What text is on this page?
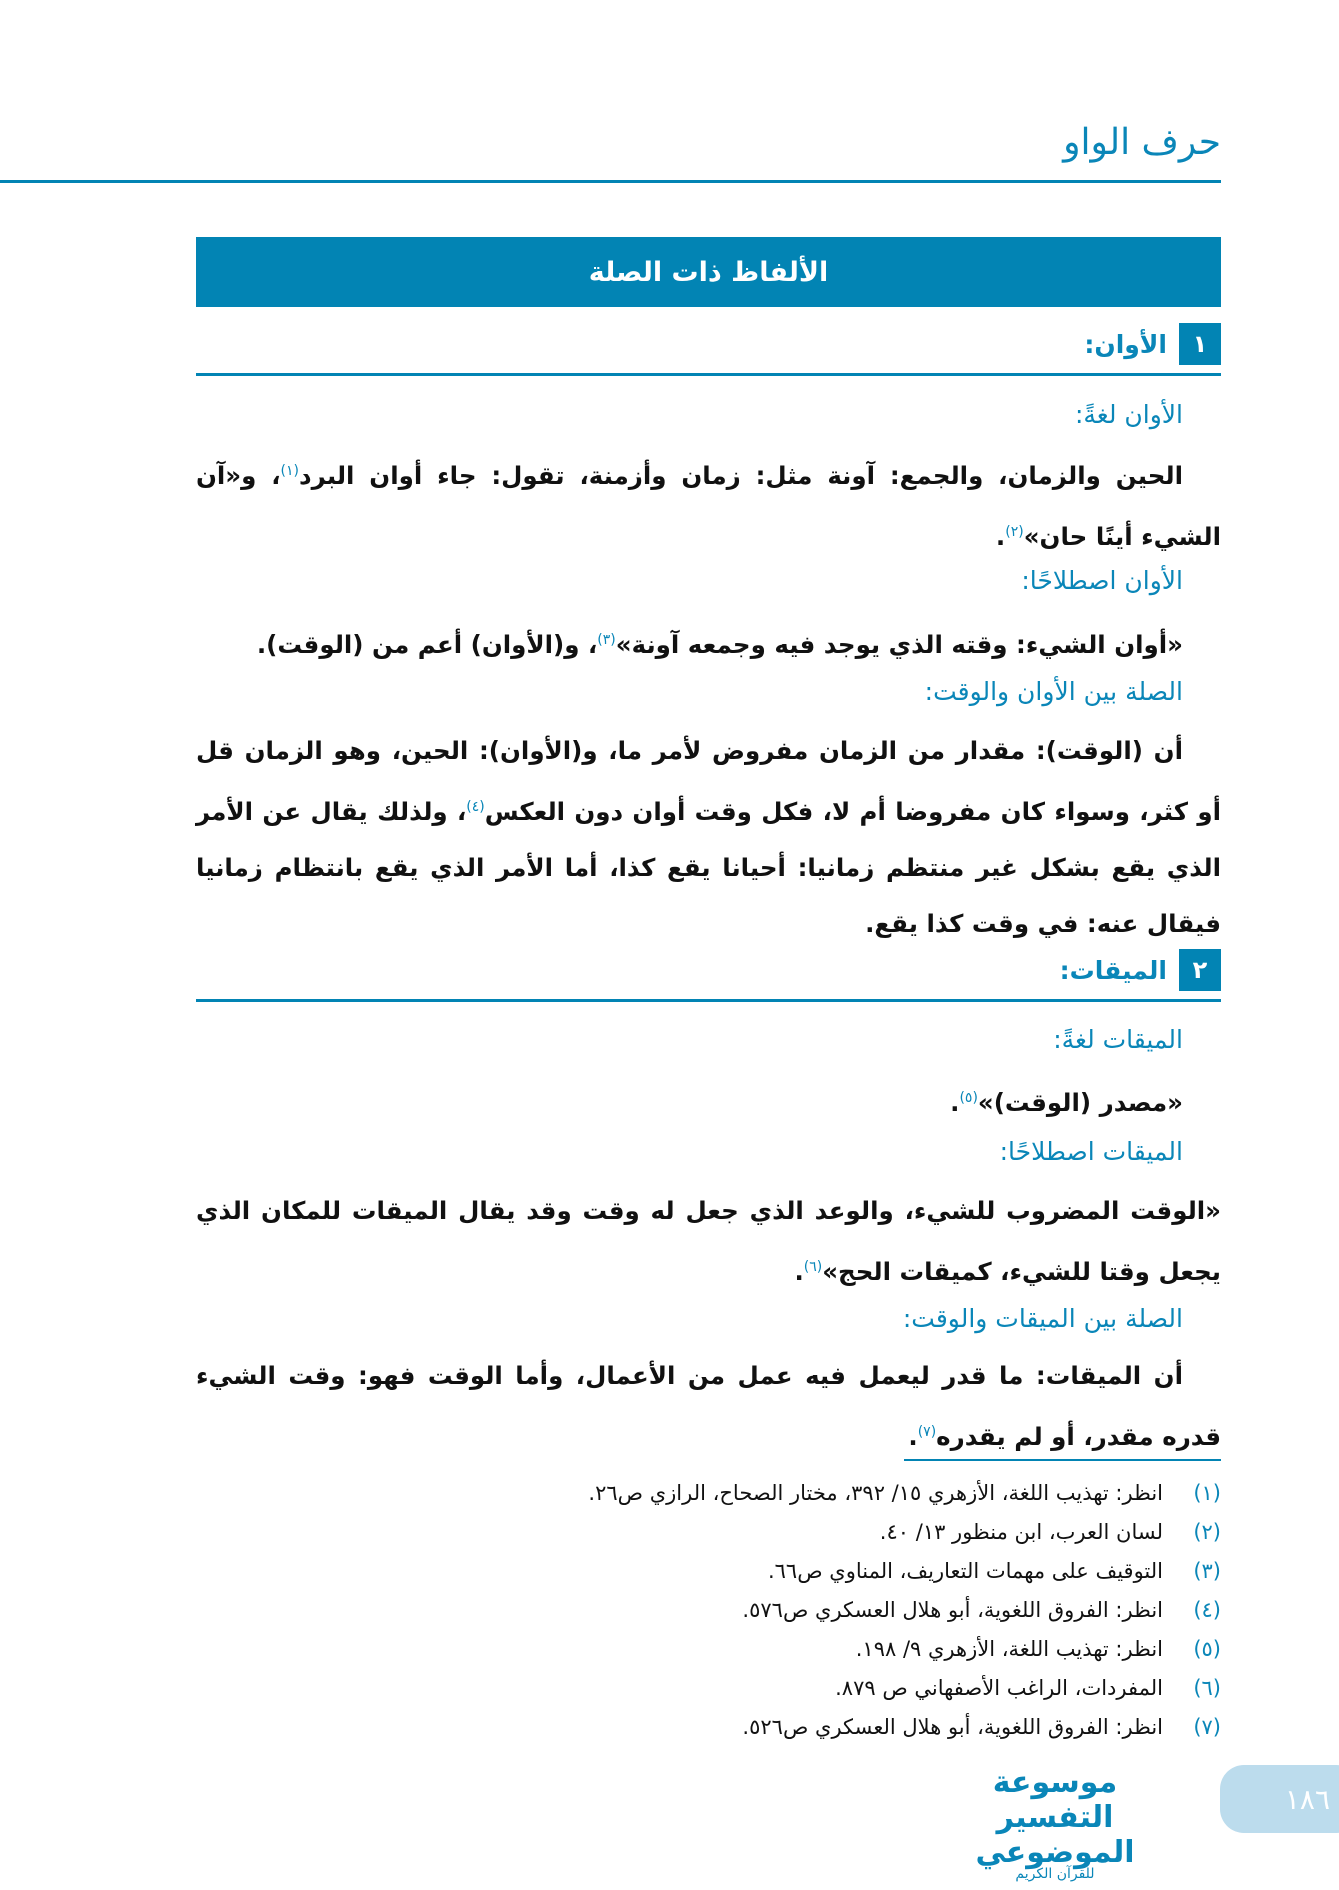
حرف الواو
الألفاظ ذات الصلة
١
الأوان:
الأوان لغةً:
الحين والزمان، والجمع: آونة مثل: زمان وأزمنة، تقول: جاء أوان البرد$^{(١)}$، و«آن الشيء أينًا حان»$^{(٢)}$.
الأوان اصطلاحًا:
«أوان الشيء: وقته الذي يوجد فيه وجمعه آونة»$^{(٣)}$، و(الأوان) أعم من (الوقت).
الصلة بين الأوان والوقت:
أن (الوقت): مقدار من الزمان مفروض لأمر ما، و(الأوان): الحين، وهو الزمان قل أو كثر، وسواء كان مفروضا أم لا، فكل وقت أوان دون العكس$^{(٤)}$، ولذلك يقال عن الأمر الذي يقع بشكل غير منتظم زمانيا: أحيانا يقع كذا، أما الأمر الذي يقع بانتظام زمانيا فيقال عنه: في وقت كذا يقع.
٢
الميقات:
الميقات لغةً:
«مصدر (الوقت)»$^{(٥)}$.
الميقات اصطلاحًا:
«الوقت المضروب للشيء، والوعد الذي جعل له وقت وقد يقال الميقات للمكان الذي يجعل وقتا للشيء، كميقات الحج»$^{(٦)}$.
الصلة بين الميقات والوقت:
أن الميقات: ما قدر ليعمل فيه عمل من الأعمال، وأما الوقت فهو: وقت الشيء قدره مقدر، أو لم يقدره$^{(٧)}$.
(١)
انظر: تهذيب اللغة، الأزهري ١٥/ ٣٩٢، مختار الصحاح، الرازي ص٢٦.
(٢)
لسان العرب، ابن منظور ١٣/ ٤٠.
(٣)
التوقيف على مهمات التعاريف، المناوي ص٦٦.
(٤)
انظر: الفروق اللغوية، أبو هلال العسكري ص٥٧٦.
(٥)
انظر: تهذيب اللغة، الأزهري ٩/ ١٩٨.
(٦)
المفردات، الراغب الأصفهاني ص ٨٧٩.
(٧)
انظر: الفروق اللغوية، أبو هلال العسكري ص٥٢٦.
موسوعة التفسير الموضوعي
للقرآن الكريم
١٨٦
